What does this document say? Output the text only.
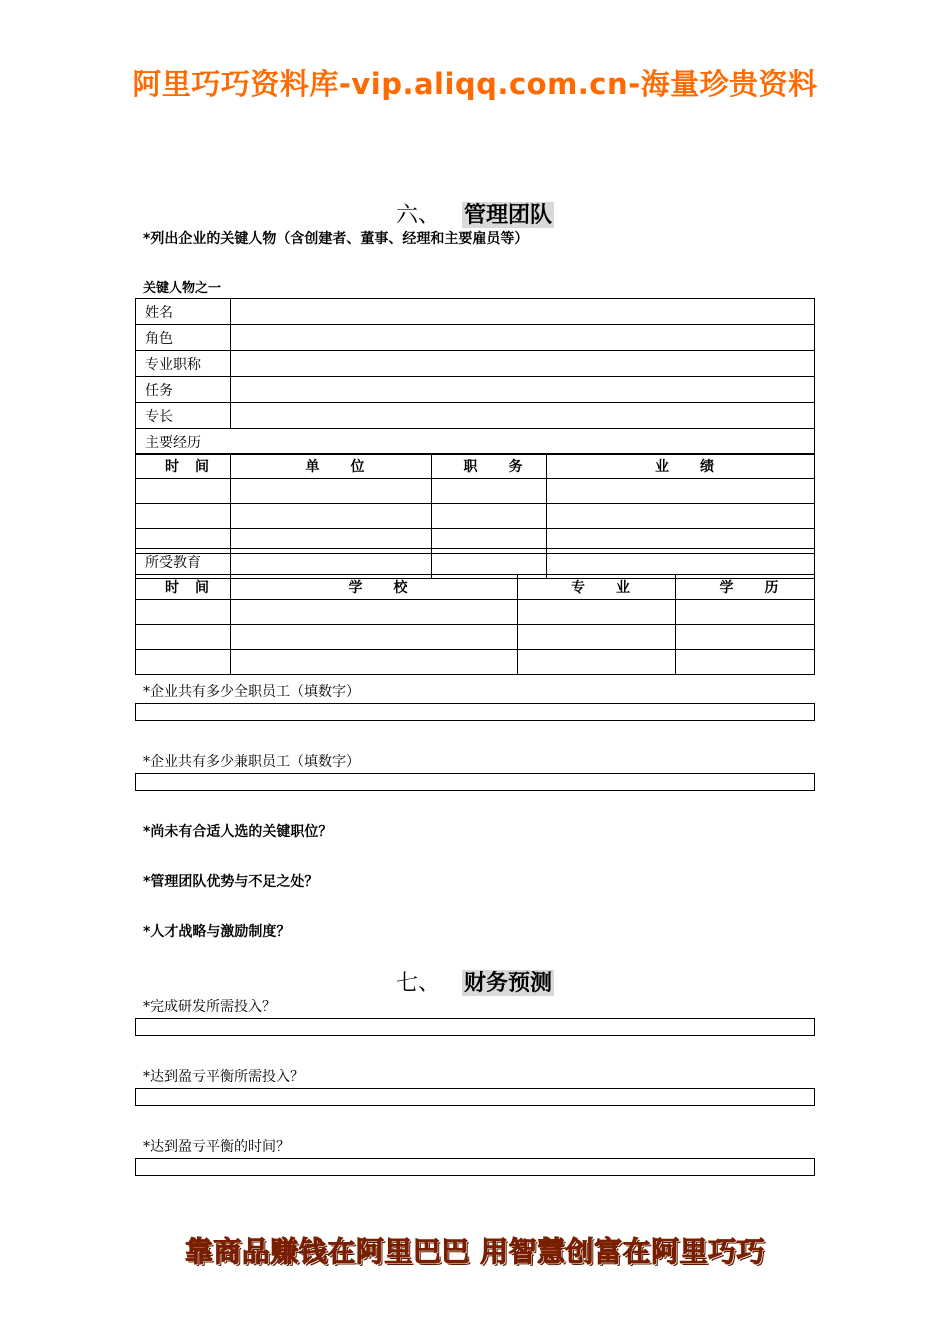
阿里巧巧资料库-vip.aliqq.com.cn-海量珍贵资料
六、 管理团队
*列出企业的关键人物（含创建者、董事、经理和主要雇员等）
关键人物之一
姓名	
角色	
专业职称	
任务	
专长	
主要经历	
时　间	单　　位	职　　务	业　　绩

所受教育
时　间	学　　校	专　　业	学　　历

*企业共有多少全职员工（填数字）
*企业共有多少兼职员工（填数字）
*尚未有合适人选的关键职位？
*管理团队优势与不足之处？
*人才战略与激励制度？
七、 财务预测
*完成研发所需投入？
*达到盈亏平衡所需投入？
*达到盈亏平衡的时间？
靠商品赚钱在阿里巴巴 用智慧创富在阿里巧巧
